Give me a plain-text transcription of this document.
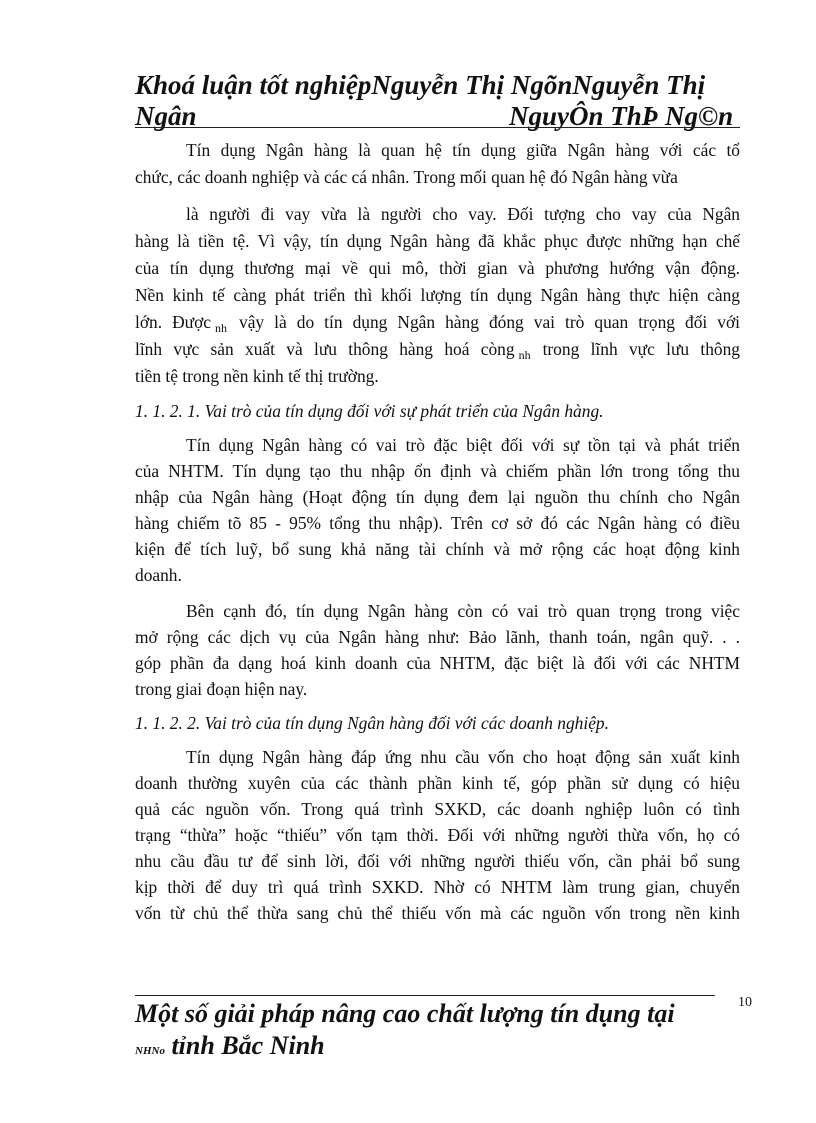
Khoá luận tốt nghiệpNguyễn Thị NgõnNguyễn Thị
Ngân	NguyÔn ThÞ Ng©n
Tín dụng Ngân hàng là quan hệ tín dụng giữa Ngân hàng với các tổ
chức, các doanh nghiệp và các cá nhân. Trong mối quan hệ đó Ngân hàng vừa
là người đi vay vừa là người cho vay. Đối tượng cho vay của Ngân
hàng là tiền tệ. Vì vậy, tín dụng Ngân hàng đã khắc phục được những hạn chế
của tín dụng thương mại về qui mô, thời gian và phương hướng vận động.
Nền kinh tế càng phát triển thì khối lượng tín dụng Ngân hàng thực hiện càng
lớn. Được $_{nh}$ vậy là do tín dụng Ngân hàng đóng vai trò quan trọng đối với
lĩnh vực sản xuất và lưu thông hàng hoá còng $_{nh}$ trong lĩnh vực lưu thông
tiền tệ trong nền kinh tế thị trường.
1. 1. 2. 1. Vai trò của tín dụng đối với sự phát triển của Ngân hàng.
Tín dụng Ngân hàng có vai trò đặc biệt đối với sự tồn tại và phát triển
của NHTM. Tín dụng tạo thu nhập ổn định và chiếm phần lớn trong tổng thu
nhập của Ngân hàng (Hoạt động tín dụng đem lại nguồn thu chính cho Ngân
hàng chiếm tõ 85 - 95% tổng thu nhập). Trên cơ sở đó các Ngân hàng có điều
kiện để tích luỹ, bổ sung khả năng tài chính và mở rộng các hoạt động kinh
doanh.
Bên cạnh đó, tín dụng Ngân hàng còn có vai trò quan trọng trong việc
mở rộng các dịch vụ của Ngân hàng như: Bảo lãnh, thanh toán, ngân quỹ. . .
góp phần đa dạng hoá kinh doanh của NHTM, đặc biệt là đối với các NHTM
trong giai đoạn hiện nay.
1. 1. 2. 2. Vai trò của tín dụng Ngân hàng đối với các doanh nghiệp.
Tín dụng Ngân hàng đáp ứng nhu cầu vốn cho hoạt động sản xuất kinh
doanh thường xuyên của các thành phần kinh tế, góp phần sử dụng có hiệu
quả các nguồn vốn. Trong quá trình SXKD, các doanh nghiệp luôn có tình
trạng “thừa” hoặc “thiếu” vốn tạm thời. Đối với những người thừa vốn, họ có
nhu cầu đầu tư để sinh lời, đối với những người thiếu vốn, cần phải bổ sung
kịp thời để duy trì quá trình SXKD. Nhờ có NHTM làm trung gian, chuyển
vốn từ chủ thể thừa sang chủ thể thiếu vốn mà các nguồn vốn trong nền kinh
10
Một số giải pháp nâng cao chất lượng tín dụng tại
NHNo tỉnh Bắc Ninh
